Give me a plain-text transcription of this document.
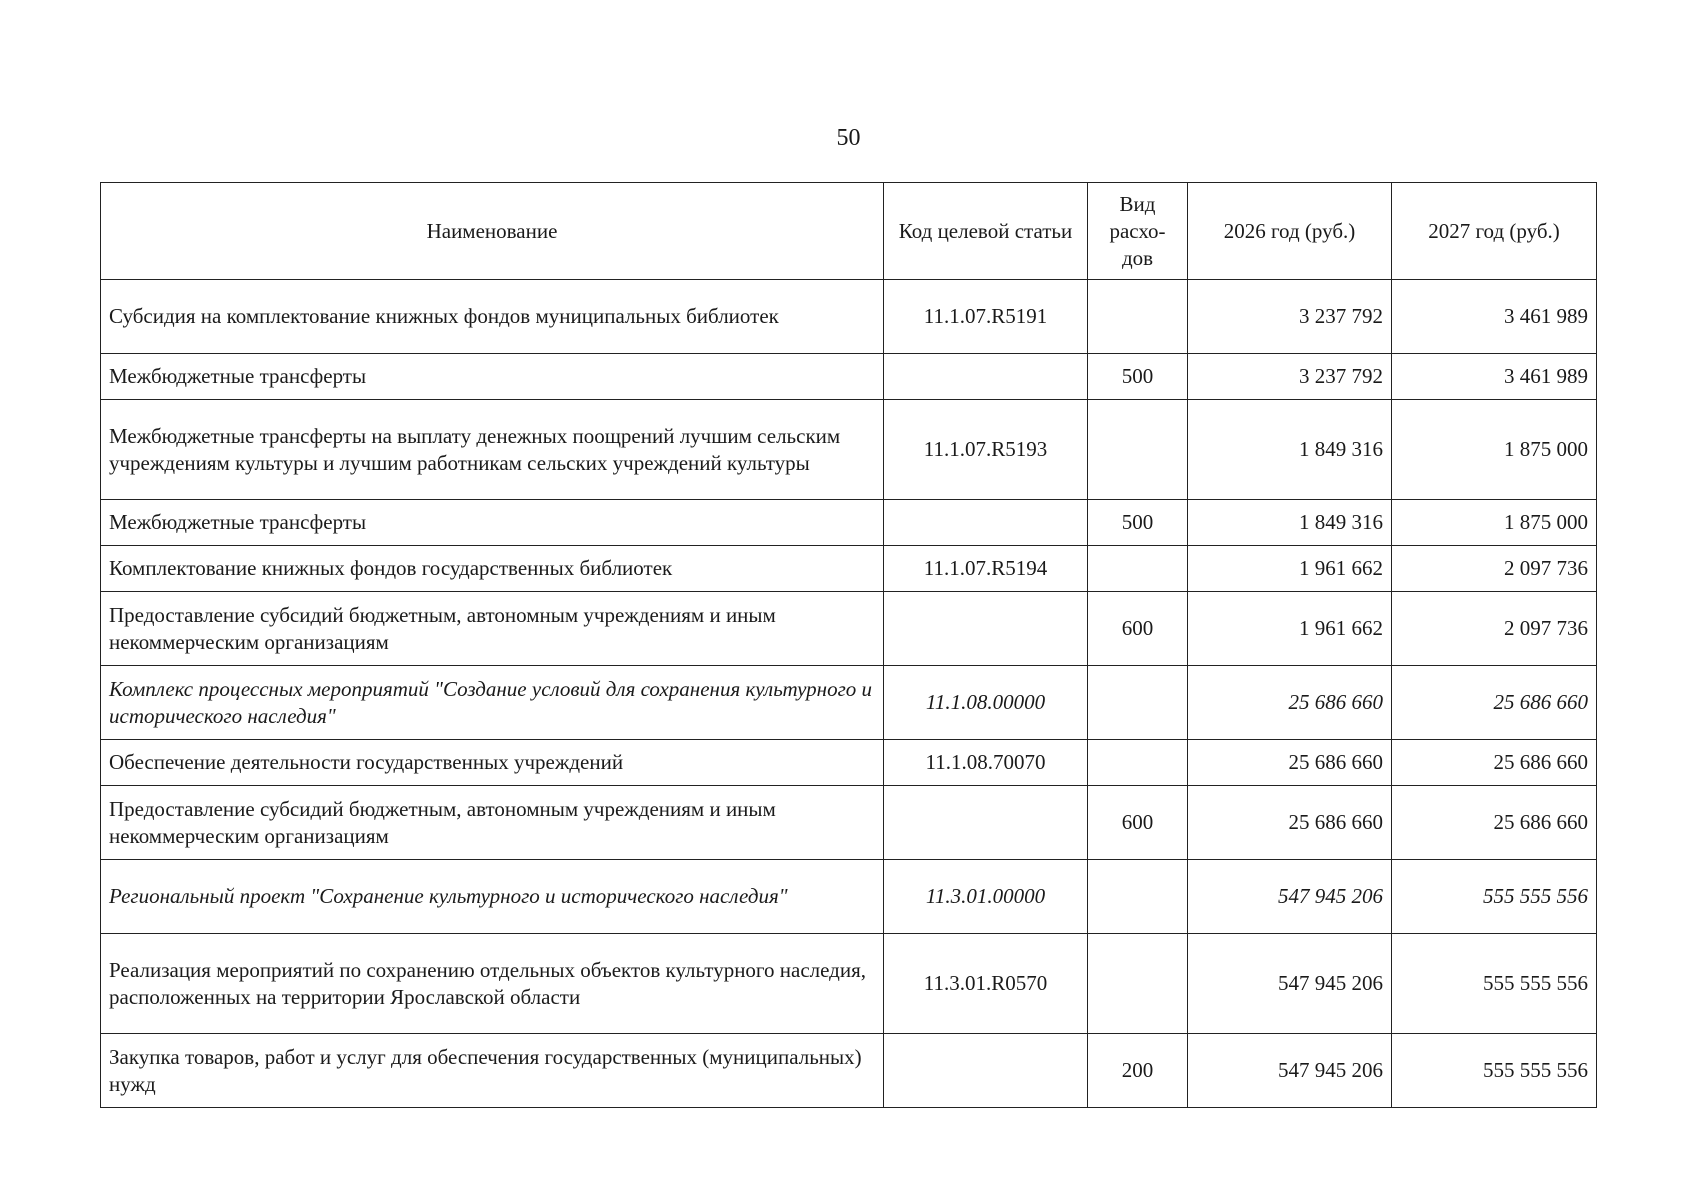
50
Наименование	Код целевой статьи	Вид расхо-дов	2026 год (руб.)	2027 год (руб.)
Субсидия на комплектование книжных фондов муниципальных библиотек	11.1.07.R5191		3 237 792	3 461 989
Межбюджетные трансферты		500	3 237 792	3 461 989
Межбюджетные трансферты на выплату денежных поощрений лучшим сельским учреждениям культуры и лучшим работникам сельских учреждений культуры	11.1.07.R5193		1 849 316	1 875 000
Межбюджетные трансферты		500	1 849 316	1 875 000
Комплектование книжных фондов государственных библиотек	11.1.07.R5194		1 961 662	2 097 736
Предоставление субсидий бюджетным, автономным учреждениям и иным некоммерческим организациям		600	1 961 662	2 097 736
Комплекс процессных мероприятий "Создание условий для сохранения культурного и исторического наследия"	11.1.08.00000		25 686 660	25 686 660
Обеспечение деятельности государственных учреждений	11.1.08.70070		25 686 660	25 686 660
Предоставление субсидий бюджетным, автономным учреждениям и иным некоммерческим организациям		600	25 686 660	25 686 660
Региональный проект "Сохранение культурного и исторического наследия"	11.3.01.00000		547 945 206	555 555 556
Реализация мероприятий по сохранению отдельных объектов культурного наследия, расположенных на территории Ярославской области	11.3.01.R0570		547 945 206	555 555 556
Закупка товаров, работ и услуг для обеспечения государственных (муниципальных) нужд		200	547 945 206	555 555 556
